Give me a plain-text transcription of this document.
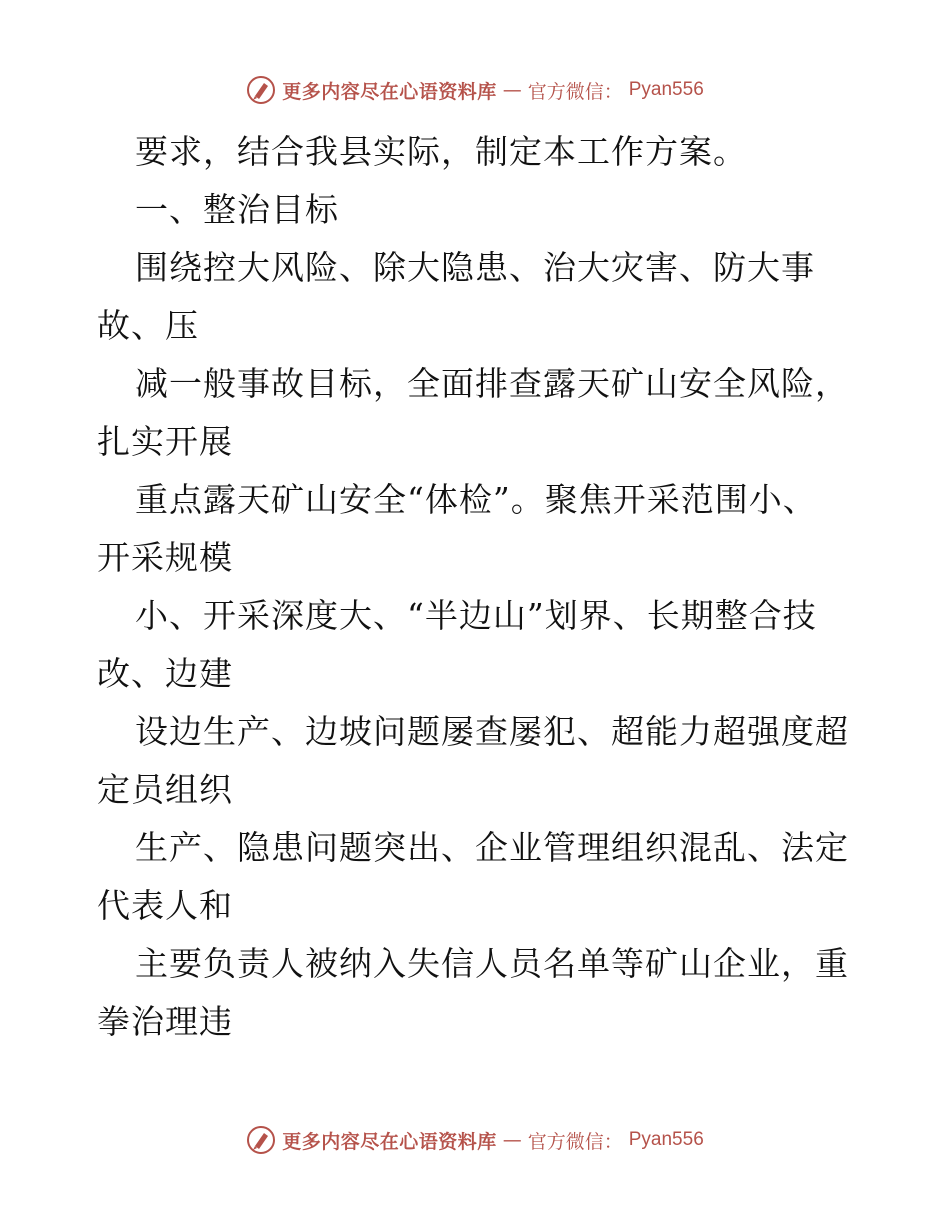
更多内容尽在心语资料库 — 官方微信： Pyan556
要求，结合我县实际，制定本工作方案。
一、整治目标
围绕控大风险、除大隐患、治大灾害、防大事
故、压
减一般事故目标，全面排查露天矿山安全风险，
扎实开展
重点露天矿山安全“体检”。聚焦开采范围小、
开采规模
小、开采深度大、“半边山”划界、长期整合技
改、边建
设边生产、边坡问题屡查屡犯、超能力超强度超
定员组织
生产、隐患问题突出、企业管理组织混乱、法定
代表人和
主要负责人被纳入失信人员名单等矿山企业，重
拳治理违
更多内容尽在心语资料库 — 官方微信： Pyan556
